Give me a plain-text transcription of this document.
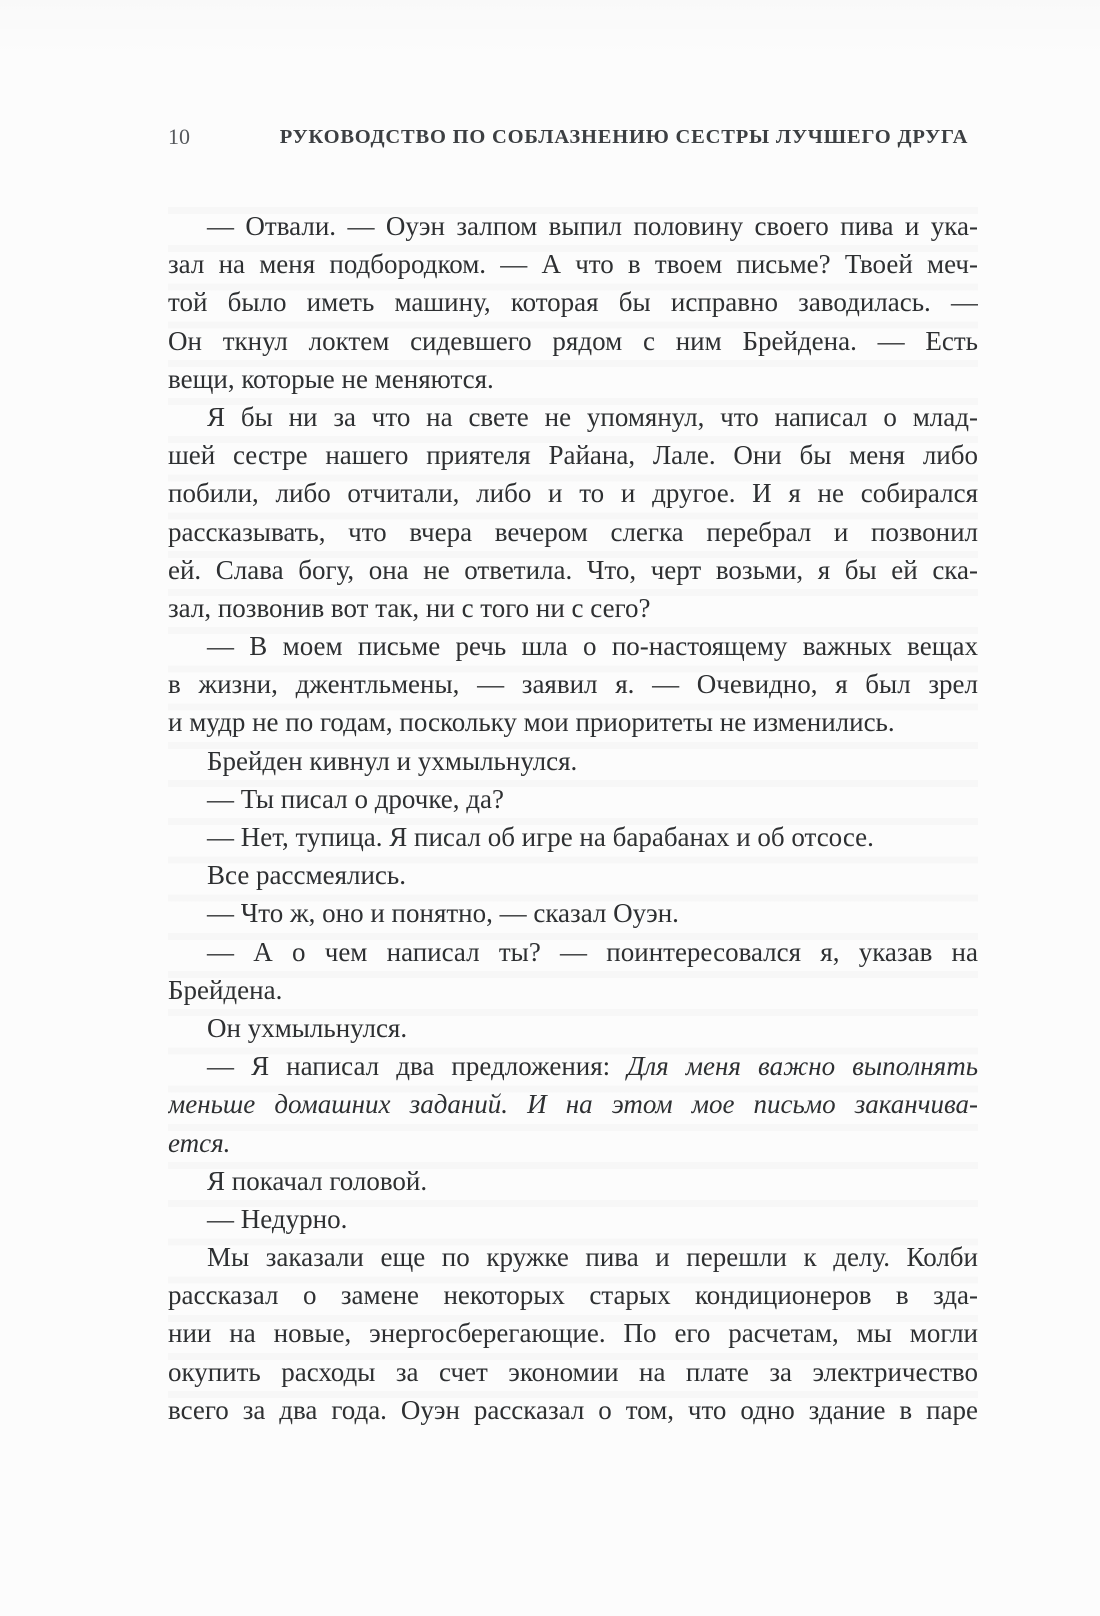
10	РУКОВОДСТВО ПО СОБЛАЗНЕНИЮ СЕСТРЫ ЛУЧШЕГО ДРУГА
— Отвали. — Оуэн залпом выпил половину своего пива и ука-
зал на меня подбородком. — А что в твоем письме? Твоей меч-
той было иметь машину, которая бы исправно заводилась. —
Он ткнул локтем сидевшего рядом с ним Брейдена. — Есть
вещи, которые не меняются.
Я бы ни за что на свете не упомянул, что написал о млад-
шей сестре нашего приятеля Райана, Лале. Они бы меня либо
побили, либо отчитали, либо и то и другое. И я не собирался
рассказывать, что вчера вечером слегка перебрал и позвонил
ей. Слава богу, она не ответила. Что, черт возьми, я бы ей ска-
зал, позвонив вот так, ни с того ни с сего?
— В моем письме речь шла о по-настоящему важных вещах
в жизни, джентльмены, — заявил я. — Очевидно, я был зрел
и мудр не по годам, поскольку мои приоритеты не изменились.
Брейден кивнул и ухмыльнулся.
— Ты писал о дрочке, да?
— Нет, тупица. Я писал об игре на барабанах и об отсосе.
Все рассмеялись.
— Что ж, оно и понятно, — сказал Оуэн.
— А о чем написал ты? — поинтересовался я, указав на
Брейдена.
Он ухмыльнулся.
— Я написал два предложения: Для меня важно выполнять
меньше домашних заданий. И на этом мое письмо заканчива-
ется.
Я покачал головой.
— Недурно.
Мы заказали еще по кружке пива и перешли к делу. Колби
рассказал о замене некоторых старых кондиционеров в зда-
нии на новые, энергосберегающие. По его расчетам, мы могли
окупить расходы за счет экономии на плате за электричество
всего за два года. Оуэн рассказал о том, что одно здание в паре
